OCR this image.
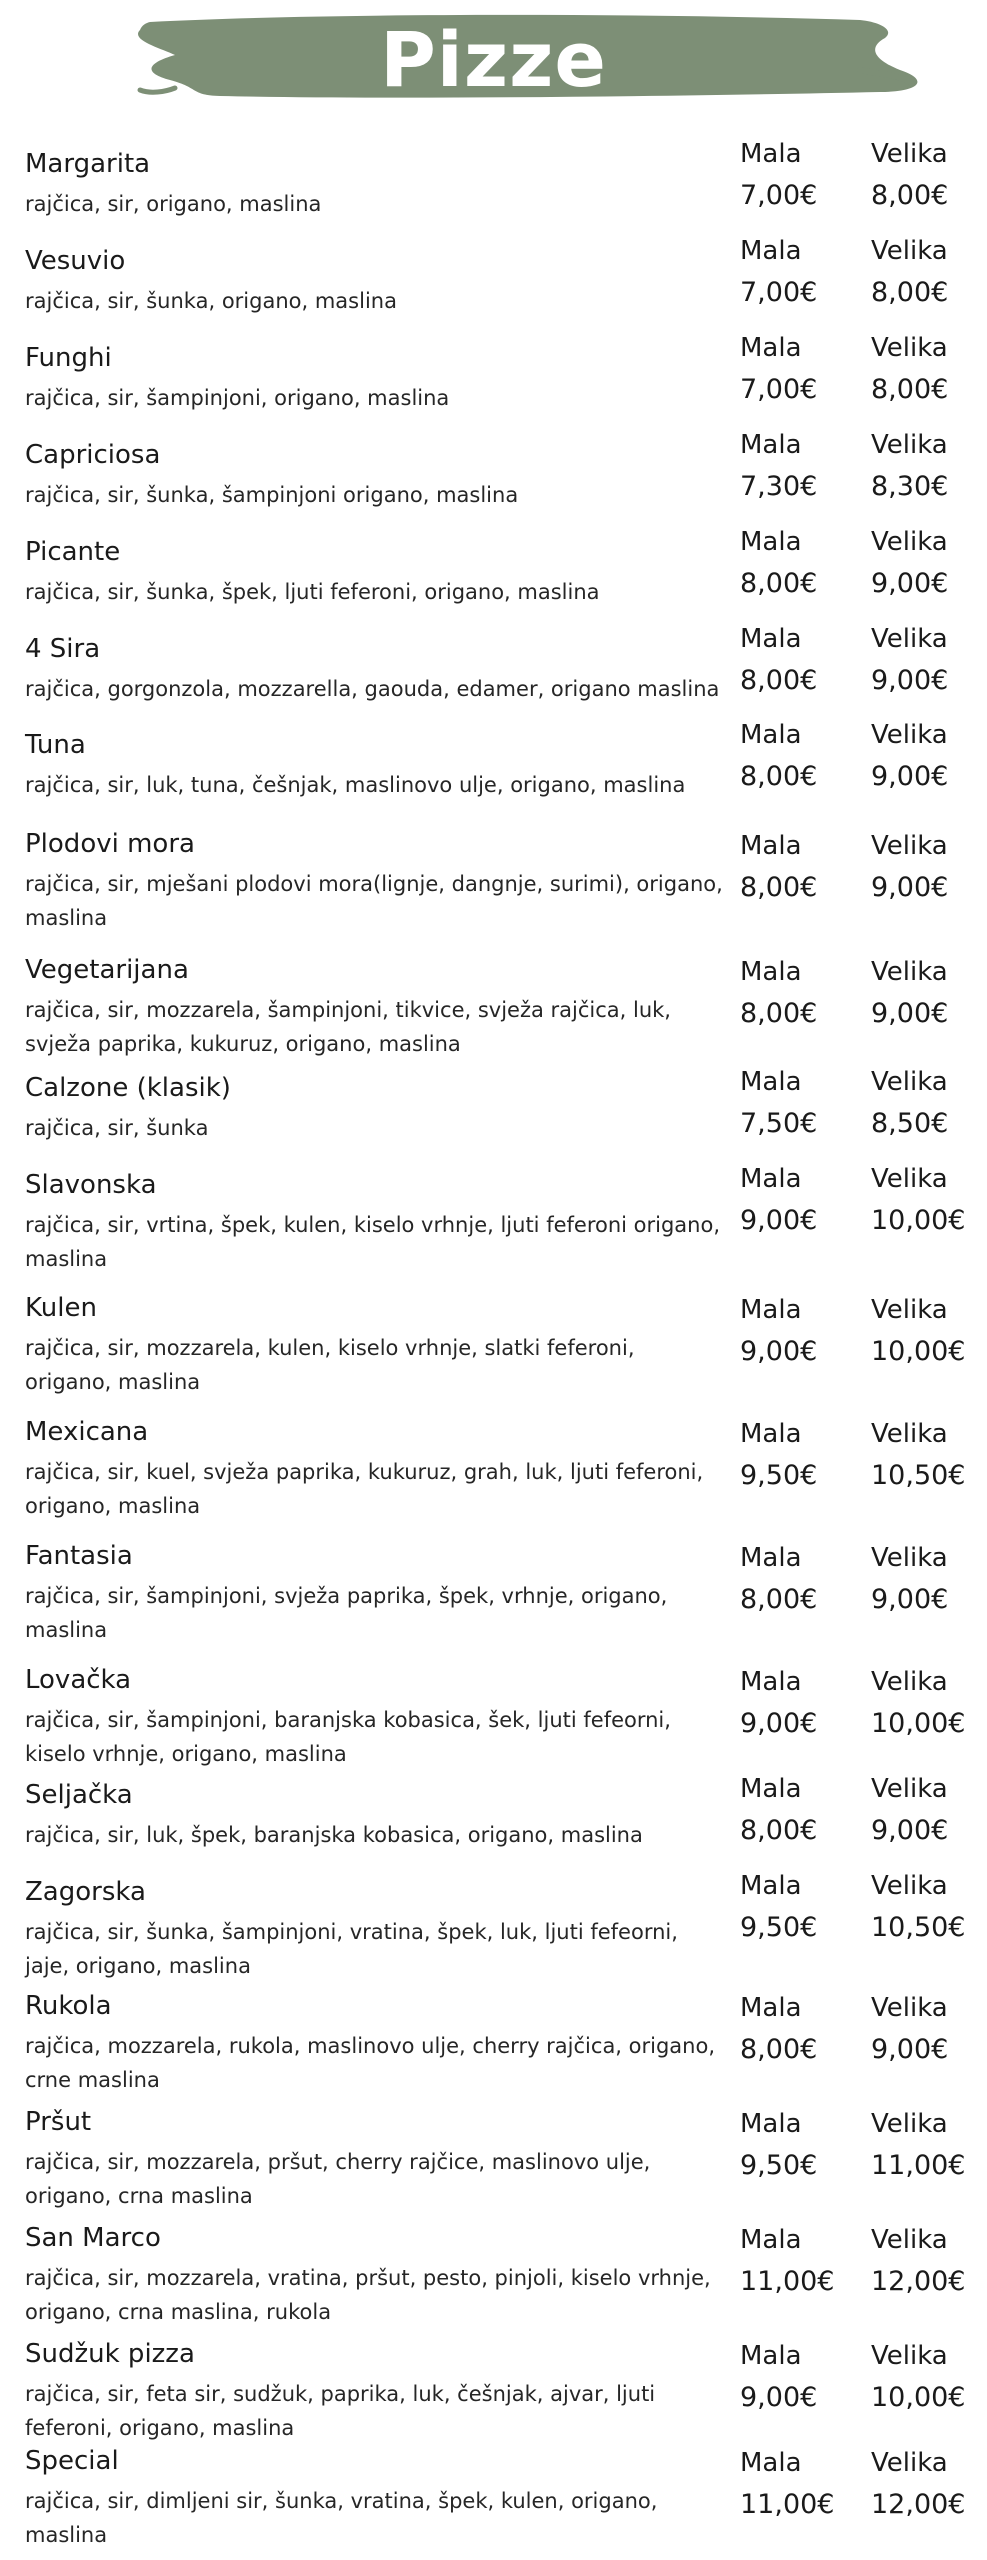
Pizze
Margarita
rajčica, sir, origano, maslina
Mala
7,00€
Velika
8,00€
Vesuvio
rajčica, sir, šunka, origano, maslina
Mala
7,00€
Velika
8,00€
Funghi
rajčica, sir, šampinjoni, origano, maslina
Mala
7,00€
Velika
8,00€
Capriciosa
rajčica, sir, šunka, šampinjoni origano, maslina
Mala
7,30€
Velika
8,30€
Picante
rajčica, sir, šunka, špek, ljuti feferoni, origano, maslina
Mala
8,00€
Velika
9,00€
4 Sira
rajčica, gorgonzola, mozzarella, gaouda, edamer, origano maslina
Mala
8,00€
Velika
9,00€
Tuna
rajčica, sir, luk, tuna, češnjak, maslinovo ulje, origano, maslina
Mala
8,00€
Velika
9,00€
Plodovi mora
rajčica, sir, mješani plodovi mora(lignje, dangnje, surimi), origano, maslina
Mala
8,00€
Velika
9,00€
Vegetarijana
rajčica, sir, mozzarela, šampinjoni, tikvice, svježa rajčica, luk, svježa paprika, kukuruz, origano, maslina
Mala
8,00€
Velika
9,00€
Calzone (klasik)
rajčica, sir, šunka
Mala
7,50€
Velika
8,50€
Slavonska
rajčica, sir, vrtina, špek, kulen, kiselo vrhnje, ljuti feferoni origano, maslina
Mala
9,00€
Velika
10,00€
Kulen
rajčica, sir, mozzarela, kulen, kiselo vrhnje, slatki feferoni, origano, maslina
Mala
9,00€
Velika
10,00€
Mexicana
rajčica, sir, kuel, svježa paprika, kukuruz, grah, luk, ljuti feferoni, origano, maslina
Mala
9,50€
Velika
10,50€
Fantasia
rajčica, sir, šampinjoni, svježa paprika, špek, vrhnje, origano, maslina
Mala
8,00€
Velika
9,00€
Lovačka
rajčica, sir, šampinjoni, baranjska kobasica, šek, ljuti fefeorni, kiselo vrhnje, origano, maslina
Mala
9,00€
Velika
10,00€
Seljačka
rajčica, sir, luk, špek, baranjska kobasica, origano, maslina
Mala
8,00€
Velika
9,00€
Zagorska
rajčica, sir, šunka, šampinjoni, vratina, špek, luk, ljuti fefeorni, jaje, origano, maslina
Mala
9,50€
Velika
10,50€
Rukola
rajčica, mozzarela, rukola, maslinovo ulje, cherry rajčica, origano, crne maslina
Mala
8,00€
Velika
9,00€
Pršut
rajčica, sir, mozzarela, pršut, cherry rajčice, maslinovo ulje, origano, crna maslina
Mala
9,50€
Velika
11,00€
San Marco
rajčica, sir, mozzarela, vratina, pršut, pesto, pinjoli, kiselo vrhnje, origano, crna maslina, rukola
Mala
11,00€
Velika
12,00€
Sudžuk pizza
rajčica, sir, feta sir, sudžuk, paprika, luk, češnjak, ajvar, ljuti feferoni, origano, maslina
Mala
9,00€
Velika
10,00€
Special
rajčica, sir, dimljeni sir, šunka, vratina, špek, kulen, origano, maslina
Mala
11,00€
Velika
12,00€
